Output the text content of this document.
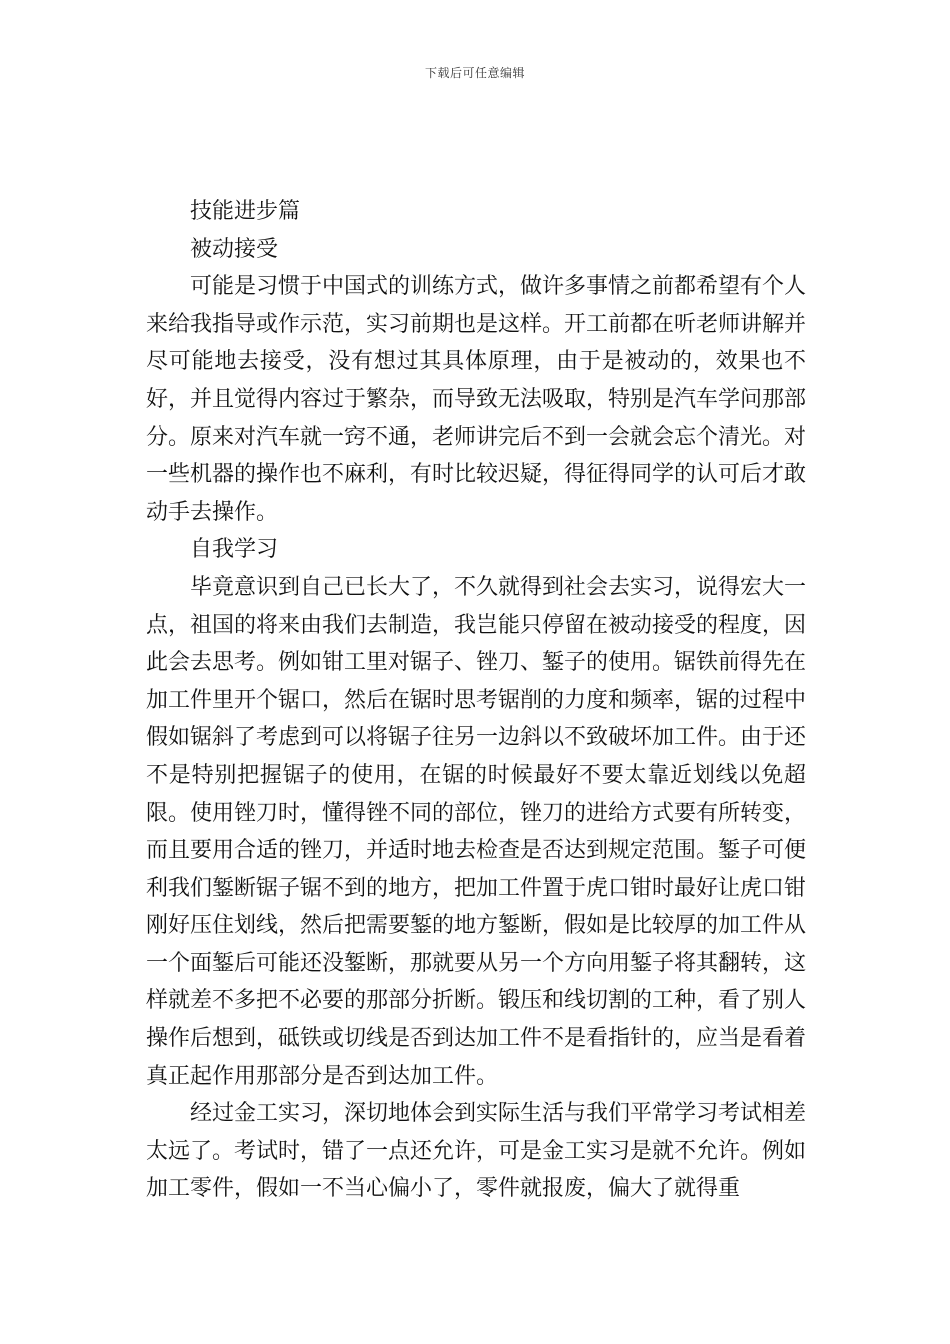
下载后可任意编辑

技能进步篇

被动接受

可能是习惯于中国式的训练方式，做许多事情之前都希望有个人来给我指导或作示范，实习前期也是这样。开工前都在听老师讲解并尽可能地去接受，没有想过其具体原理，由于是被动的，效果也不好，并且觉得内容过于繁杂，而导致无法吸取，特别是汽车学问那部分。原来对汽车就一窍不通，老师讲完后不到一会就会忘个清光。对一些机器的操作也不麻利，有时比较迟疑，得征得同学的认可后才敢动手去操作。

自我学习

毕竟意识到自己已长大了，不久就得到社会去实习，说得宏大一点，祖国的将来由我们去制造，我岂能只停留在被动接受的程度，因此会去思考。例如钳工里对锯子、锉刀、錾子的使用。锯铁前得先在加工件里开个锯口，然后在锯时思考锯削的力度和频率，锯的过程中假如锯斜了考虑到可以将锯子往另一边斜以不致破坏加工件。由于还不是特别把握锯子的使用，在锯的时候最好不要太靠近划线以免超限。使用锉刀时，懂得锉不同的部位，锉刀的进给方式要有所转变，而且要用合适的锉刀，并适时地去检查是否达到规定范围。錾子可便利我们錾断锯子锯不到的地方，把加工件置于虎口钳时最好让虎口钳刚好压住划线，然后把需要錾的地方錾断，假如是比较厚的加工件从一个面錾后可能还没錾断，那就要从另一个方向用錾子将其翻转，这样就差不多把不必要的那部分折断。锻压和线切割的工种，看了别人操作后想到，砥铁或切线是否到达加工件不是看指针的，应当是看着真正起作用那部分是否到达加工件。

经过金工实习，深切地体会到实际生活与我们平常学习考试相差太远了。考试时，错了一点还允许，可是金工实习是就不允许。例如加工零件，假如一不当心偏小了，零件就报废，偏大了就得重
